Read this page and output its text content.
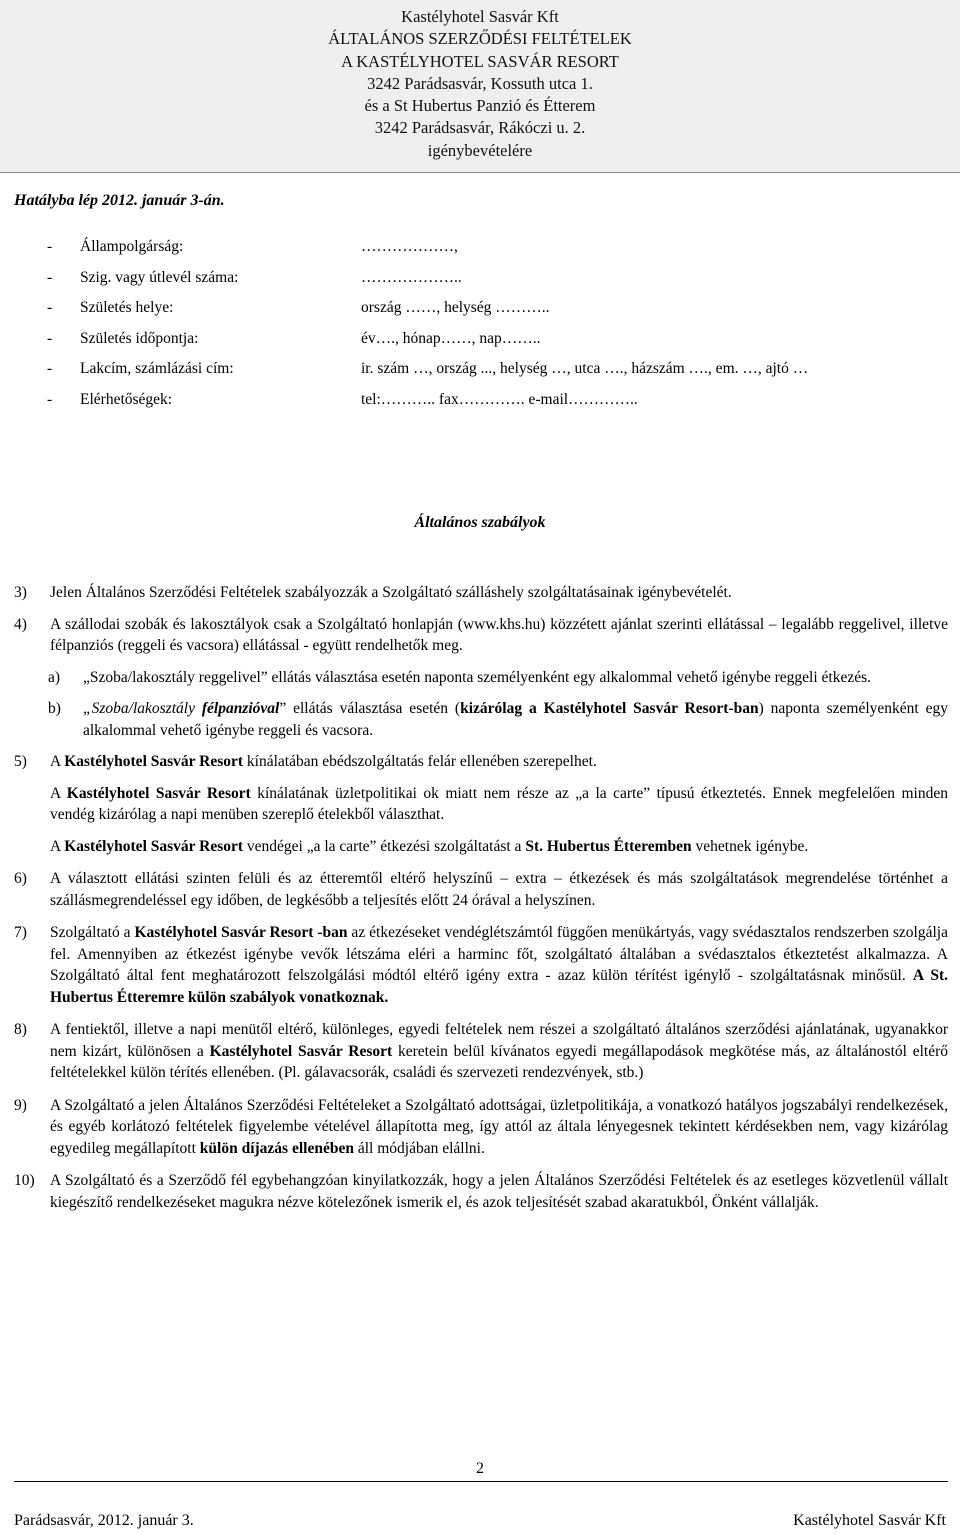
Kastélyhotel Sasvár Kft
ÁLTALÁNOS SZERZŐDÉSI FELTÉTELEK
A KASTÉLYHOTEL SASVÁR RESORT
3242 Parádsasvár, Kossuth utca 1.
és a St Hubertus Panzió és Étterem
3242 Parádsasvár, Rákóczi u. 2.
igénybevételére
Hatályba lép 2012. január 3-án.
- Állampolgárság:	………………,
- Szig. vagy útlevél száma:	………………..
- Születés helye:	ország ……, helység ………..
- Születés időpontja:	év…., hónap……, nap……..
- Lakcím, számlázási cím:	ir. szám …, ország ..., helység …, utca …., házszám …., em. …, ajtó …
- Elérhetőségek:	tel:……….. fax…………. e-mail…………..
Általános szabályok
3) Jelen Általános Szerződési Feltételek szabályozzák a Szolgáltató szálláshely szolgáltatásainak igénybevételét.

4) A szállodai szobák és lakosztályok csak a Szolgáltató honlapján (www.khs.hu) közzétett ajánlat szerinti ellátással – legalább reggelivel, illetve félpanziós (reggeli és vacsora) ellátással - együtt rendelhetők meg.

a) „Szoba/lakosztály reggelivel” ellátás választása esetén naponta személyenként egy alkalommal vehető igénybe reggeli étkezés.

b) „Szoba/lakosztály félpanzióval” ellátás választása esetén (kizárólag a Kastélyhotel Sasvár Resort-ban) naponta személyenként egy alkalommal vehető igénybe reggeli és vacsora.

5) A Kastélyhotel Sasvár Resort kínálatában ebédszolgáltatás felár ellenében szerepelhet.

A Kastélyhotel Sasvár Resort kínálatának üzletpolitikai ok miatt nem része az „a la carte” típusú étkeztetés. Ennek megfelelően minden vendég kizárólag a napi menüben szereplő ételekből választhat.

A Kastélyhotel Sasvár Resort vendégei „a la carte” étkezési szolgáltatást a St. Hubertus Étteremben vehetnek igénybe.

6) A választott ellátási szinten felüli és az étteremtől eltérő helyszínű – extra – étkezések és más szolgáltatások megrendelése történhet a szállásmegrendeléssel egy időben, de legkésőbb a teljesítés előtt 24 órával a helyszínen.

7) Szolgáltató a Kastélyhotel Sasvár Resort -ban az étkezéseket vendéglétszámtól függően menükártyás, vagy svédasztalos rendszerben szolgálja fel. Amennyiben az étkezést igénybe vevők létszáma eléri a harminc főt, szolgáltató általában a svédasztalos étkeztetést alkalmazza. A Szolgáltató által fent meghatározott felszolgálási módtól eltérő igény extra - azaz külön térítést igénylő - szolgáltatásnak minősül. A St. Hubertus Étteremre külön szabályok vonatkoznak.

8) A fentiektől, illetve a napi menütől eltérő, különleges, egyedi feltételek nem részei a szolgáltató általános szerződési ajánlatának, ugyanakkor nem kizárt, különösen a Kastélyhotel Sasvár Resort keretein belül kívánatos egyedi megállapodások megkötése más, az általánostól eltérő feltételekkel külön térítés ellenében. (Pl. gálavacsorák, családi és szervezeti rendezvények, stb.)

9) A Szolgáltató a jelen Általános Szerződési Feltételeket a Szolgáltató adottságai, üzletpolitikája, a vonatkozó hatályos jogszabályi rendelkezések, és egyéb korlátozó feltételek figyelembe vételével állapította meg, így attól az általa lényegesnek tekintett kérdésekben nem, vagy kizárólag egyedileg megállapított külön díjazás ellenében áll módjában elállni.

10) A Szolgáltató és a Szerződő fél egybehangzóan kinyilatkozzák, hogy a jelen Általános Szerződési Feltételek és az esetleges közvetlenül vállalt kiegészítő rendelkezéseket magukra nézve kötelezőnek ismerik el, és azok teljesítését szabad akaratukból, Önként vállalják.

2
Parádsasvár, 2012. január 3.	Kastélyhotel Sasvár Kft
